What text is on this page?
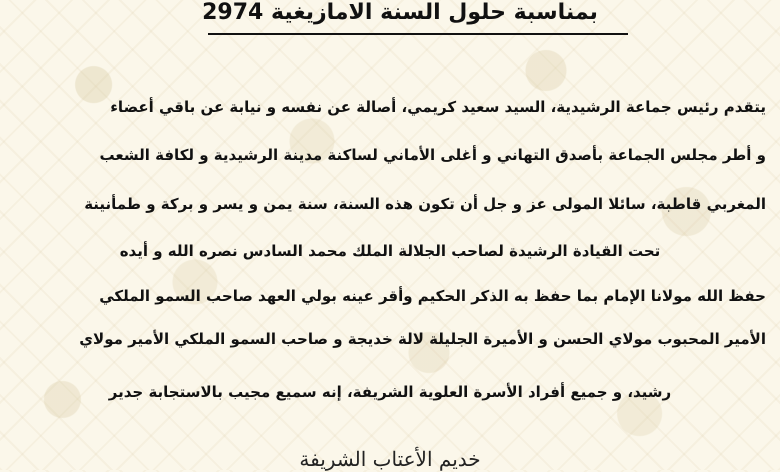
بمناسبة حلول السنة الامازيغية 2974
يتقدم رئيس جماعة الرشيدية، السيد سعيد كريمي، أصالة عن نفسه و نيابة عن باقي أعضاء
و أطر مجلس الجماعة بأصدق التهاني و أغلى الأماني لساكنة مدينة الرشيدية و لكافة الشعب
المغربي قاطبة، سائلا المولى عز و جل أن تكون هذه السنة، سنة يمن و يسر و بركة و طمأنينة
تحت القيادة الرشيدة لصاحب الجلالة الملك محمد السادس نصره الله و أيده
حفظ الله مولانا الإمام بما حفظ به الذكر الحكيم وأقر عينه بولي العهد صاحب السمو الملكي
الأمير المحبوب مولاي الحسن و الأميرة الجليلة لالة خديجة و صاحب السمو الملكي الأمير مولاي
رشيد، و جميع أفراد الأسرة العلوية الشريفة، إنه سميع مجيب بالاستجابة جدير
خديم الأعتاب الشريفة
